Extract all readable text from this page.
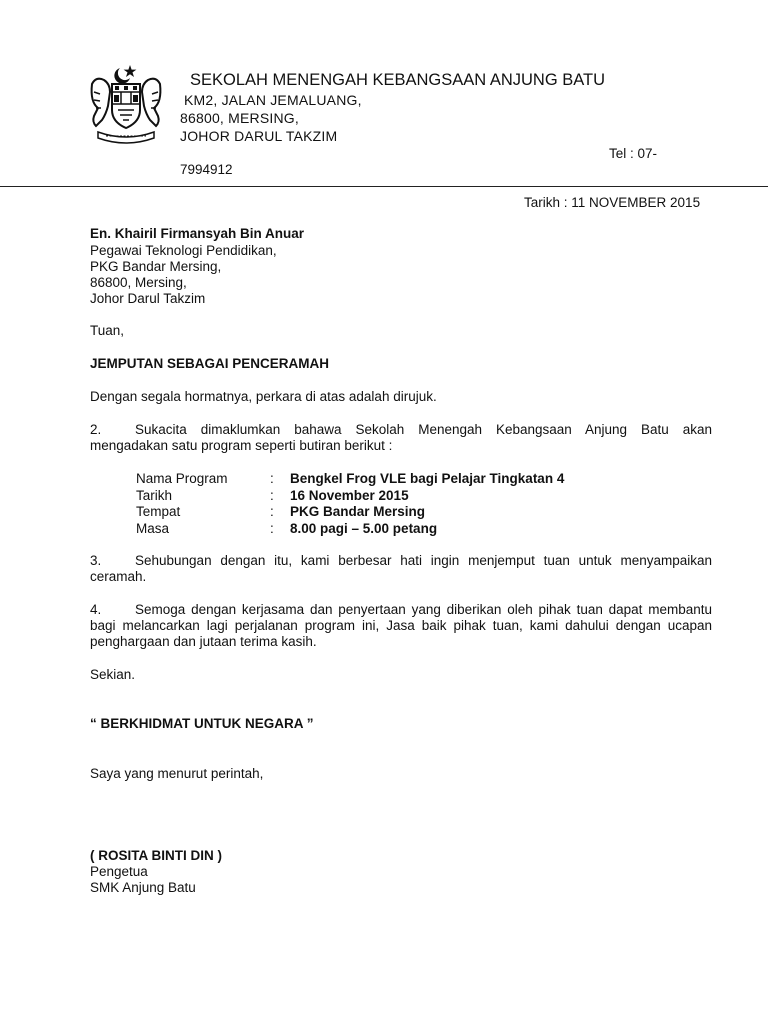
SEKOLAH MENENGAH KEBANGSAAN ANJUNG BATU
KM2, JALAN JEMALUANG,
86800, MERSING,
JOHOR DARUL TAKZIM
Tel : 07-
7994912
Tarikh : 11 NOVEMBER 2015
En. Khairil Firmansyah Bin Anuar
Pegawai Teknologi Pendidikan,
PKG Bandar Mersing,
86800, Mersing,
Johor Darul Takzim
Tuan,
JEMPUTAN SEBAGAI PENCERAMAH
Dengan segala hormatnya, perkara di atas adalah dirujuk.
2. Sukacita dimaklumkan bahawa Sekolah Menengah Kebangsaan Anjung Batu akan
mengadakan satu program seperti butiran berikut :
Nama Program	: Bengkel Frog VLE bagi Pelajar Tingkatan 4
Tarikh	: 16 November 2015
Tempat	: PKG Bandar Mersing
Masa	: 8.00 pagi – 5.00 petang
3. Sehubungan dengan itu, kami berbesar hati ingin menjemput tuan untuk menyampaikan
ceramah.
4. Semoga dengan kerjasama dan penyertaan yang diberikan oleh pihak tuan dapat membantu
bagi melancarkan lagi perjalanan program ini, Jasa baik pihak tuan, kami dahului dengan ucapan
penghargaan dan jutaan terima kasih.
Sekian.
“ BERKHIDMAT UNTUK NEGARA ”
Saya yang menurut perintah,
( ROSITA BINTI DIN )
Pengetua
SMK Anjung Batu
